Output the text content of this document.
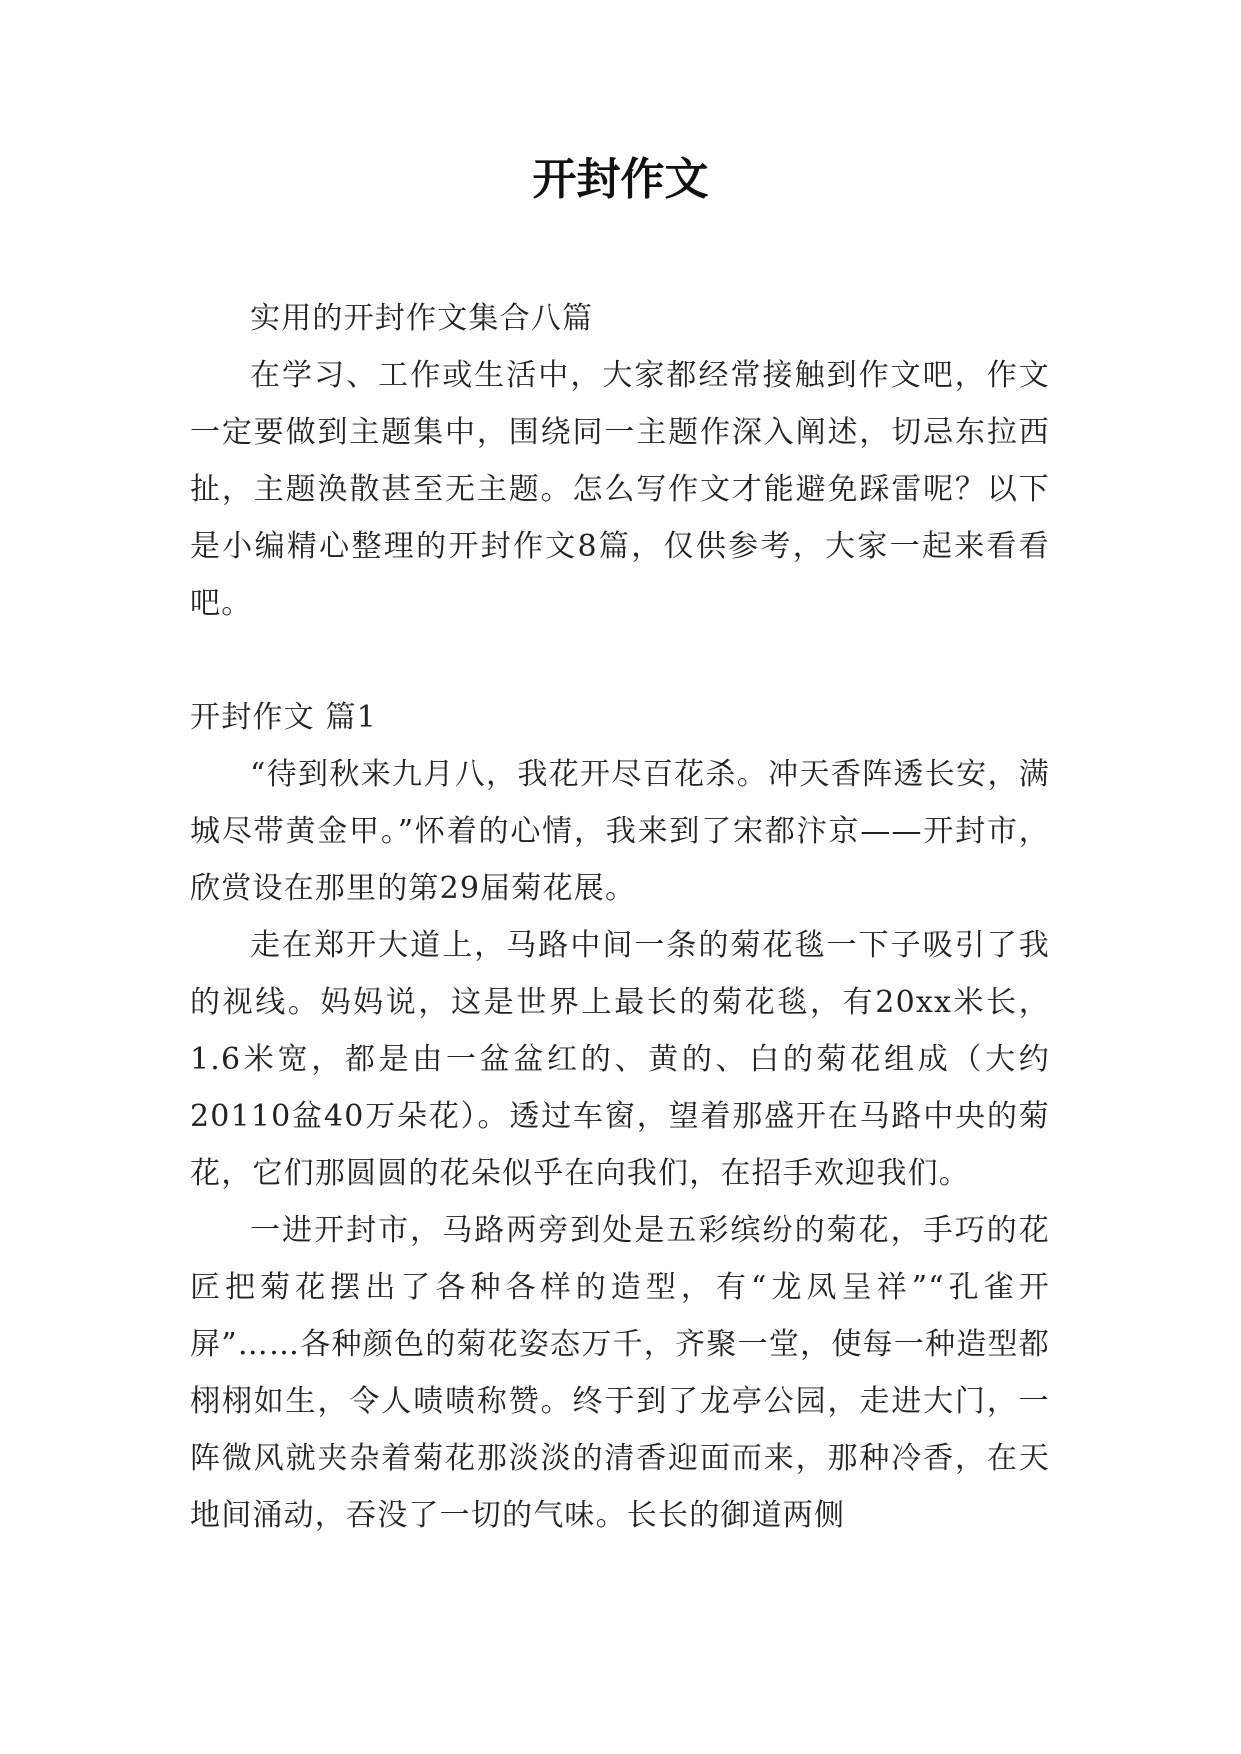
开封作文

实用的开封作文集合八篇

在学习、工作或生活中，大家都经常接触到作文吧，作文一定要做到主题集中，围绕同一主题作深入阐述，切忌东拉西扯，主题涣散甚至无主题。怎么写作文才能避免踩雷呢？以下是小编精心整理的开封作文8篇，仅供参考，大家一起来看看吧。

开封作文 篇1

“待到秋来九月八，我花开尽百花杀。冲天香阵透长安，满城尽带黄金甲。”怀着的心情，我来到了宋都汴京——开封市，欣赏设在那里的第29届菊花展。

走在郑开大道上，马路中间一条的菊花毯一下子吸引了我的视线。妈妈说，这是世界上最长的菊花毯，有20xx米长，1.6米宽，都是由一盆盆红的、黄的、白的菊花组成（大约20110盆40万朵花）。透过车窗，望着那盛开在马路中央的菊花，它们那圆圆的花朵似乎在向我们，在招手欢迎我们。

一进开封市，马路两旁到处是五彩缤纷的菊花，手巧的花匠把菊花摆出了各种各样的造型，有“龙凤呈祥”“孔雀开屏”……各种颜色的菊花姿态万千，齐聚一堂，使每一种造型都栩栩如生，令人啧啧称赞。终于到了龙亭公园，走进大门，一阵微风就夹杂着菊花那淡淡的清香迎面而来，那种冷香，在天地间涌动，吞没了一切的气味。长长的御道两侧
